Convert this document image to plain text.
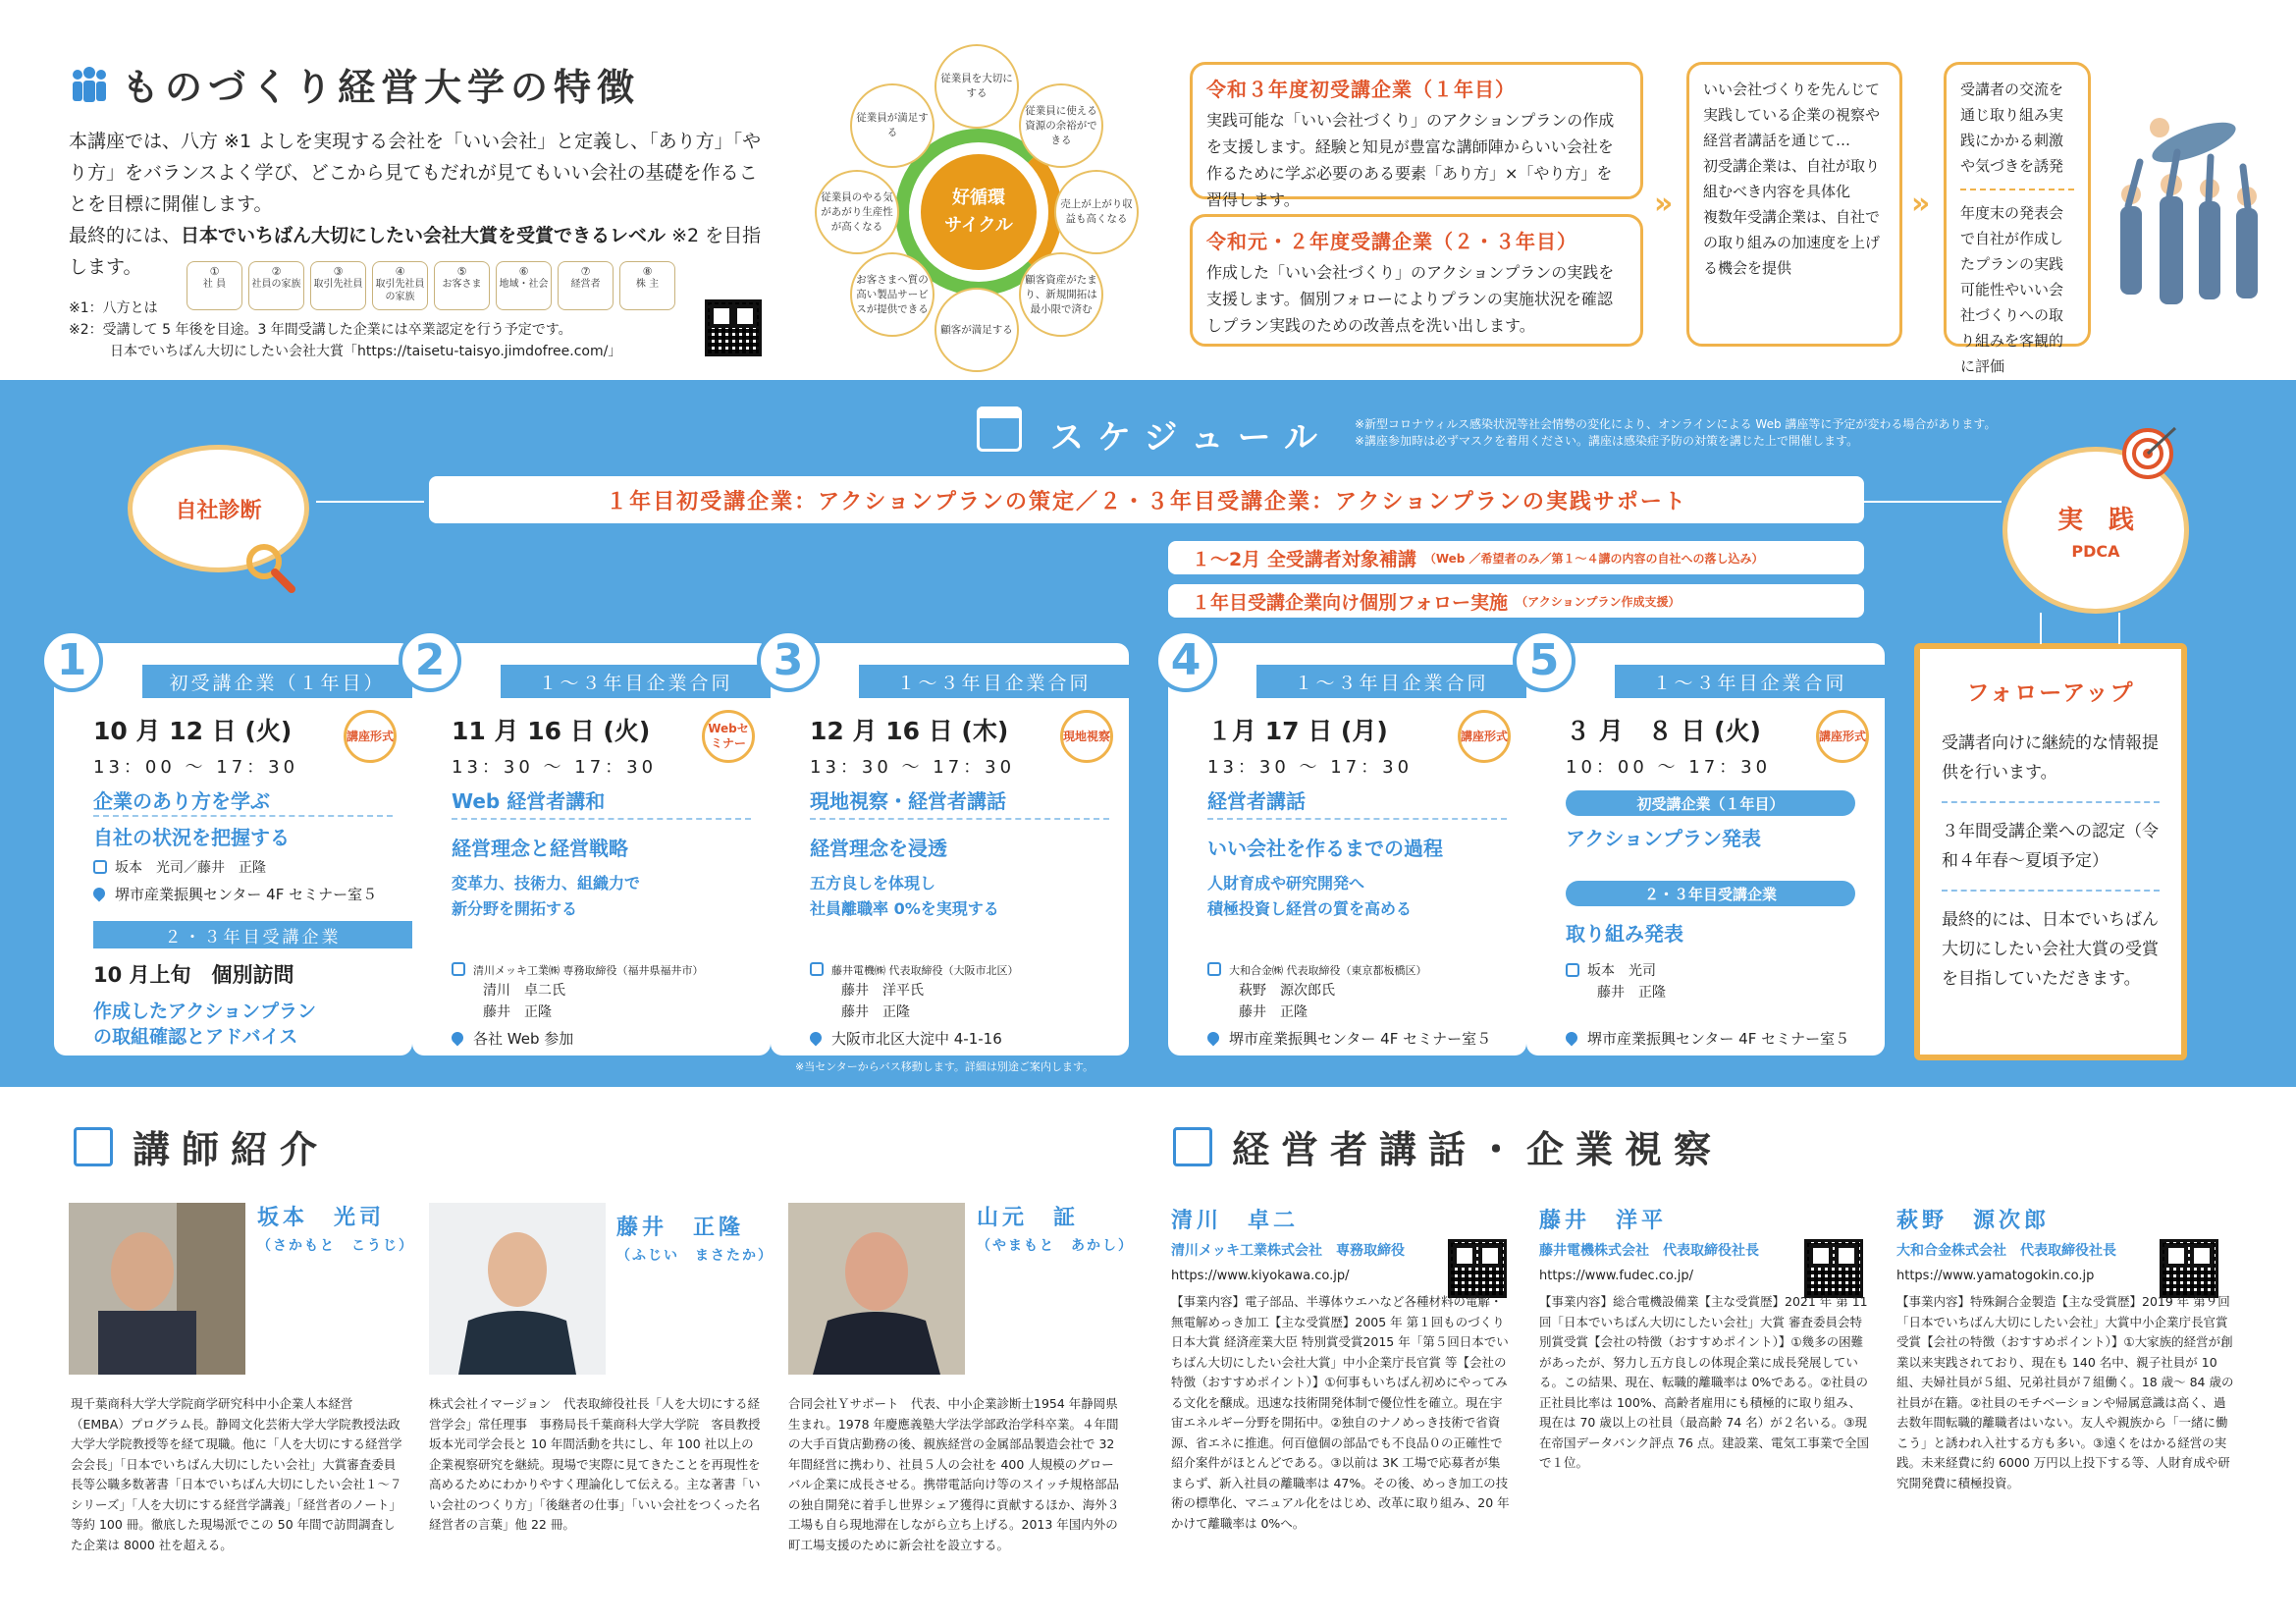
ものづくり経営大学の特徴

本講座では、八方 ※1 よしを実現する会社を「いい会社」と定義し、「あり方」「やり方」をバランスよく学び、どこから見てもだれが見てもいい会社の基礎を作ることを目標に開催します。

最終的には、日本でいちばん大切にしたい会社大賞を受賞できるレベル ※2 を目指します。	①
社 員
②
社員の家族
③
取引先社員
④
取引先社員の家族
⑤
お客さま
⑥
地域・社会
⑦
経営者
⑧
株 主
※1：八方とは
※2：受講して 5 年後を目途。3 年間受講した企業には卒業認定を行う予定です。
日本でいちばん大切にしたい会社大賞「https://taisetu-taisyo.jimdofree.com/」
好循環
サイクル
従業員を大切にする
従業員に使える資源の余裕ができる
売上が上がり収益も高くなる
顧客資産がたまり、新規開拓は最小限で済む
顧客が満足する
お客さまへ質の高い製品サービスが提供できる
従業員のやる気があがり生産性が高くなる
従業員が満足する
令和３年度初受講企業（１年目）
実践可能な「いい会社づくり」のアクションプランの作成を支援します。経験と知見が豊富な講師陣からいい会社を作るために学ぶ必要のある要素「あり方」×「やり方」を習得します。
令和元・２年度受講企業（２・３年目）
作成した「いい会社づくり」のアクションプランの実践を支援します。個別フォローによりプランの実施状況を確認しプラン実践のための改善点を洗い出します。
»
いい会社づくりを先んじて実践している企業の視察や経営者講話を通じて…
初受講企業は、自社が取り組むべき内容を具体化
複数年受講企業は、自社での取り組みの加速度を上げる機会を提供
»
受講者の交流を通じ取り組み実践にかかる刺激や気づきを誘発
年度末の発表会で自社が作成したプランの実践可能性やいい会社づくりへの取り組みを客観的に評価
スケジュール ※新型コロナウィルス感染状況等社会情勢の変化により、オンラインによる Web 講座等に予定が変わる場合があります。
※講座参加時は必ずマスクを着用ください。講座は感染症予防の対策を講じた上で開催します。
自社診断	１年目初受講企業：アクションプランの策定／２・３年目受講企業：アクションプランの実践サポート
１〜2月 全受講者対象補講 （Web ／希望者のみ／第１〜４講の内容の自社への落し込み）
１年目受講企業向け個別フォロー実施 （アクションプラン作成支援）
実　践
PDCA
1	初受講企業（１年目）
10 月 12 日 (火)
13：00 〜 17：30
講座形式
企業のあり方を学ぶ
自社の状況を把握する
坂本　光司／藤井　正隆
堺市産業振興センター 4F セミナー室５
２・３年目受講企業
10 月上旬　個別訪問
作成したアクションプラン
の取組確認とアドバイス
2	１〜３年目企業合同
11 月 16 日 (火)
13：30 〜 17：30
Webセミナー
Web 経営者講和
経営理念と経営戦略
変革力、技術力、組織力で
新分野を開拓する
清川メッキ工業㈱ 専務取締役（福井県福井市）
清川　卓二氏
藤井　正隆
各社 Web 参加
3	１〜３年目企業合同
12 月 16 日 (木)
13：30 〜 17：30
現地視察
現地視察・経営者講話
経営理念を浸透
五方良しを体現し
社員離職率 0%を実現する
藤井電機㈱ 代表取締役（大阪市北区）
藤井　洋平氏
藤井　正隆
大阪市北区大淀中 4-1-16
4	１〜３年目企業合同
１月 17 日 (月)
13：30 〜 17：30
講座形式
経営者講話
いい会社を作るまでの過程
人財育成や研究開発へ
積極投資し経営の質を高める
大和合金㈱ 代表取締役（東京都板橋区）
萩野　源次郎氏
藤井　正隆
堺市産業振興センター 4F セミナー室５
5	１〜３年目企業合同
３ 月　８ 日 (火)
10：00 〜 17：30
講座形式
初受講企業（１年目）
アクションプラン発表
２・３年目受講企業
取り組み発表
坂本　光司
藤井　正隆
堺市産業振興センター 4F セミナー室５
フォローアップ
受講者向けに継続的な情報提供を行います。
３年間受講企業への認定（令和４年春〜夏頃予定）
最終的には、日本でいちばん大切にしたい会社大賞の受賞を目指していただきます。
※当センターからバス移動します。詳細は別途ご案内します。
講師紹介
坂本　光司
（さかもと　こうじ）
現千葉商科大学大学院商学研究科中小企業人本経営（EMBA）プログラム長。静岡文化芸術大学大学院教授法政大学大学院教授等を経て現職。他に「人を大切にする経営学会会長」「日本でいちばん大切にしたい会社」大賞審査委員長等公職多数著書「日本でいちばん大切にしたい会社１〜７シリーズ」「人を大切にする経営学講義」「経営者のノート」等約 100 冊。徹底した現場派でこの 50 年間で訪問調査した企業は 8000 社を超える。
藤井　正隆
（ふじい　まさたか）
株式会社イマージョン　代表取締役社長「人を大切にする経営学会」常任理事　事務局長千葉商科大学大学院　客員教授坂本光司学会長と 10 年間活動を共にし、年 100 社以上の企業視察研究を継続。現場で実際に見てきたことを再現性を高めるためにわかりやすく理論化して伝える。主な著書「いい会社のつくり方」「後継者の仕事」「いい会社をつくった名経営者の言葉」他 22 冊。
山元　証
（やまもと　あかし）
合同会社Ｙサポート　代表、中小企業診断士1954 年静岡県生まれ。1978 年慶應義塾大学法学部政治学科卒業。４年間の大手百貨店勤務の後、親族経営の金属部品製造会社で 32 年間経営に携わり、社員５人の会社を 400 人規模のグローバル企業に成長させる。携帯電話向け等のスイッチ規格部品の独自開発に着手し世界シェア獲得に貢献するほか、海外３工場も自ら現地滞在しながら立ち上げる。2013 年国内外の町工場支援のために新会社を設立する。
経営者講話・企業視察
清川　卓二
清川メッキ工業株式会社　専務取締役
https://www.kiyokawa.co.jp/
【事業内容】電子部品、半導体ウエハなど各種材料の電解・無電解めっき加工【主な受賞歴】2005 年 第１回ものづくり日本大賞 経済産業大臣 特別賞受賞2015 年「第５回日本でいちばん大切にしたい会社大賞」中小企業庁長官賞 等【会社の特徴（おすすめポイント）】①何事もいちばん初めにやってみる文化を醸成。迅速な技術開発体制で優位性を確立。現在宇宙エネルギー分野を開拓中。②独自のナノめっき技術で省資源、省エネに推進。何百億個の部品でも不良品０の正確性で紹介案件がほとんどである。③以前は 3K 工場で応募者が集まらず、新入社員の離職率は 47%。その後、めっき加工の技術の標準化、マニュアル化をはじめ、改革に取り組み、20 年かけて離職率は 0%へ。
藤井　洋平
藤井電機株式会社　代表取締役社長
https://www.fudec.co.jp/
【事業内容】総合電機設備業【主な受賞歴】2021 年 第 11 回「日本でいちばん大切にしたい会社」大賞 審査委員会特別賞受賞【会社の特徴（おすすめポイント）】①幾多の困難があったが、努力し五方良しの体現企業に成長発展している。この結果、現在、転職的離職率は 0%である。②社員の正社員比率は 100%、高齢者雇用にも積極的に取り組み、現在は 70 歳以上の社員（最高齢 74 名）が２名いる。③現在帝国データバンク評点 76 点。建設業、電気工事業で全国で１位。
萩野　源次郎
大和合金株式会社　代表取締役社長
https://www.yamatogokin.co.jp
【事業内容】特殊銅合金製造【主な受賞歴】2019 年 第９回「日本でいちばん大切にしたい会社」大賞中小企業庁長官賞受賞【会社の特徴（おすすめポイント）】①大家族的経営が創業以来実践されており、現在も 140 名中、親子社員が 10 組、夫婦社員が５組、兄弟社員が７組働く。18 歳〜 84 歳の社員が在籍。②社員のモチベーションや帰属意識は高く、過去数年間転職的離職者はいない。友人や親族から「一緒に働こう」と誘われ入社する方も多い。③遠くをはかる経営の実践。未来経費に約 6000 万円以上投下する等、人財育成や研究開発費に積極投資。
